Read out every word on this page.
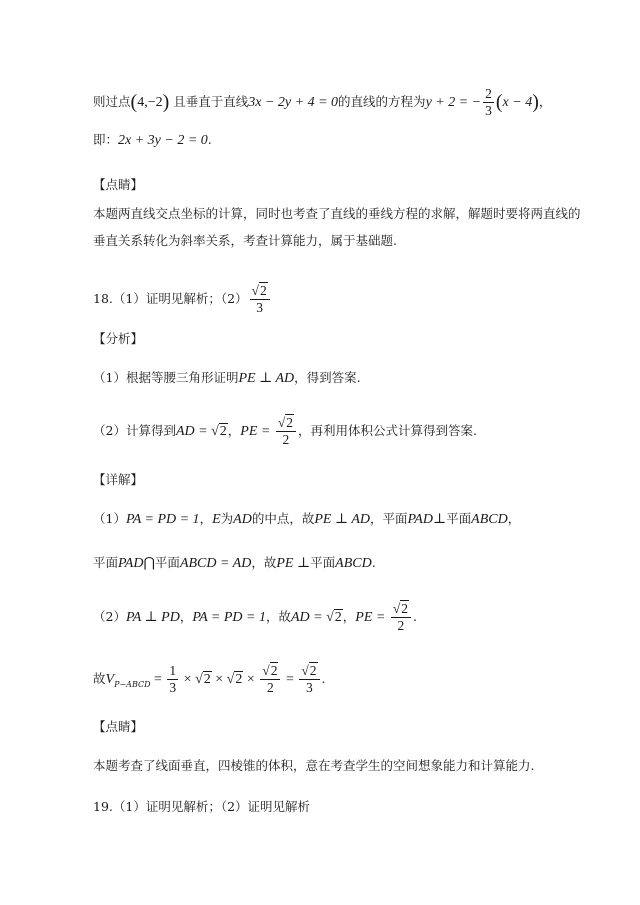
则过点(4,−2) 且垂直于直线3x − 2y + 4 = 0的直线的方程为y + 2 = − $\frac{2}{3} (x - 4)$，
即：2x + 3y − 2 = 0.
【点睛】
本题两直线交点坐标的计算，同时也考查了直线的垂线方程的求解，解题时要将两直线的垂直关系转化为斜率关系，考查计算能力，属于基础题.
18.（1）证明见解析；$(2) \frac{√2}{3}$
【分析】
（1）根据等腰三角形证明PE ⊥ AD，得到答案.
（2）计算得到AD = √2，PE = $\frac{√2}{2}$ ，再利用体积公式计算得到答案.
【详解】
（1）PA = PD = 1，E为AD的中点，故PE ⊥ AD，平面PAD⊥平面ABCD，
平面PAD⋂平面ABCD = AD，故PE ⊥平面ABCD.
（2）PA ⊥ PD，PA = PD = 1，故AD = √2，PE = $\frac{√2}{2}$ .
故$V_{P-ABCD} = \frac{1}{3} \times √2 \times √2 \times \frac{√2}{2} = \frac{√2}{3}$ .
【点睛】
本题考查了线面垂直，四棱锥的体积，意在考查学生的空间想象能力和计算能力.
19.（1）证明见解析；（2）证明见解析
